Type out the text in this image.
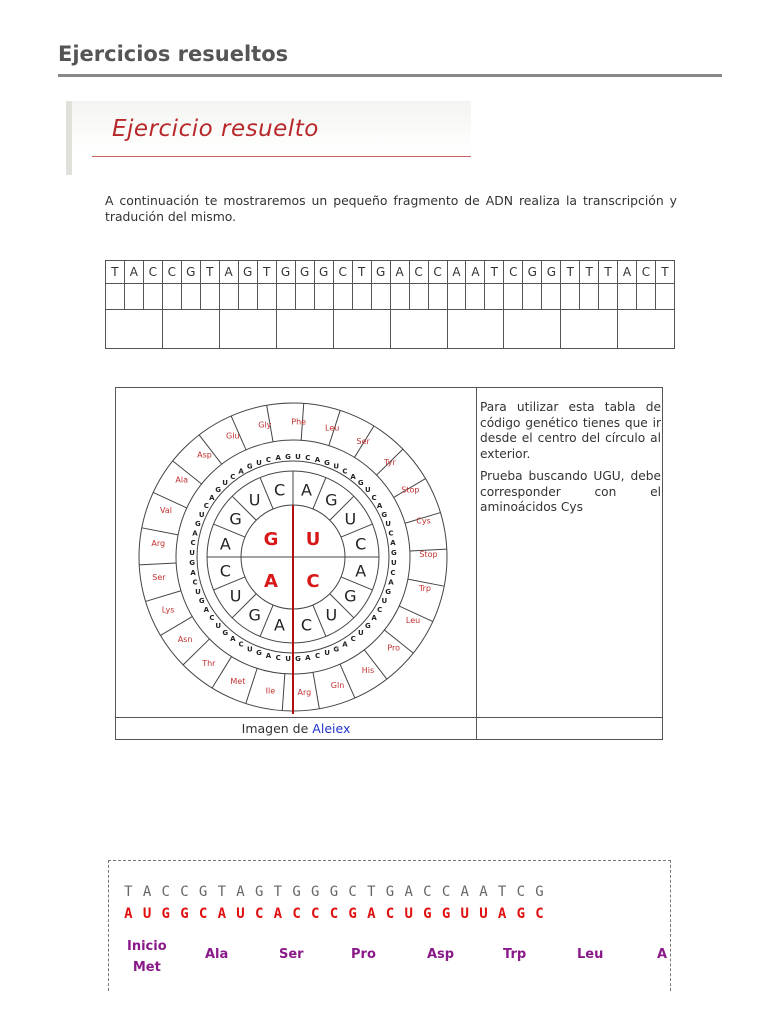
Ejercicios resueltos
Ejercicio resuelto
A continuación te mostraremos un pequeño fragmento de ADN realiza la transcripción y tradución del mismo.
T	A	C	C	G	T	A	G	T	G	G	G	C	T	G	A	C	C	A	A	T	C	G	G	T	T	T	A	C	T

G U
A C
U
C A
G
U
C
A
G
U
C
A
G
U
C
A
G
U C A G U
C
A
G
U
C
A
G
U
C
A
G
U
C
A
G
U
C
A
G
U
C
A
G
U
C
A
G
U
C
A
G
U
C
A
G
U
C
A
G
U
C
A
G
U
C
A
G
U
C
A
G
U
C
A
G U C A G
Gly Phe
Leu
Ser
Tyr
Stop
Cys
Stop
Trp
Leu
Pro
His
Gln
Arg
Ile
Met
Thr
Asn
Lys
Ser
Arg
Val
Ala
Asp
Glu
Imagen de Aleiex

Para utilizar esta tabla de código genético tienes que ir desde el centro del círculo al exterior.

Prueba buscando UGU, debe corresponder con el aminoácidos Cys

T A C C G T A G T G G G C T G A C C A A T C G
A U G G C A U C A C C C G A C U G G U U A G C
Inicio
Met
Ala	Ser	Pro	Asp	Trp	Leu	A
